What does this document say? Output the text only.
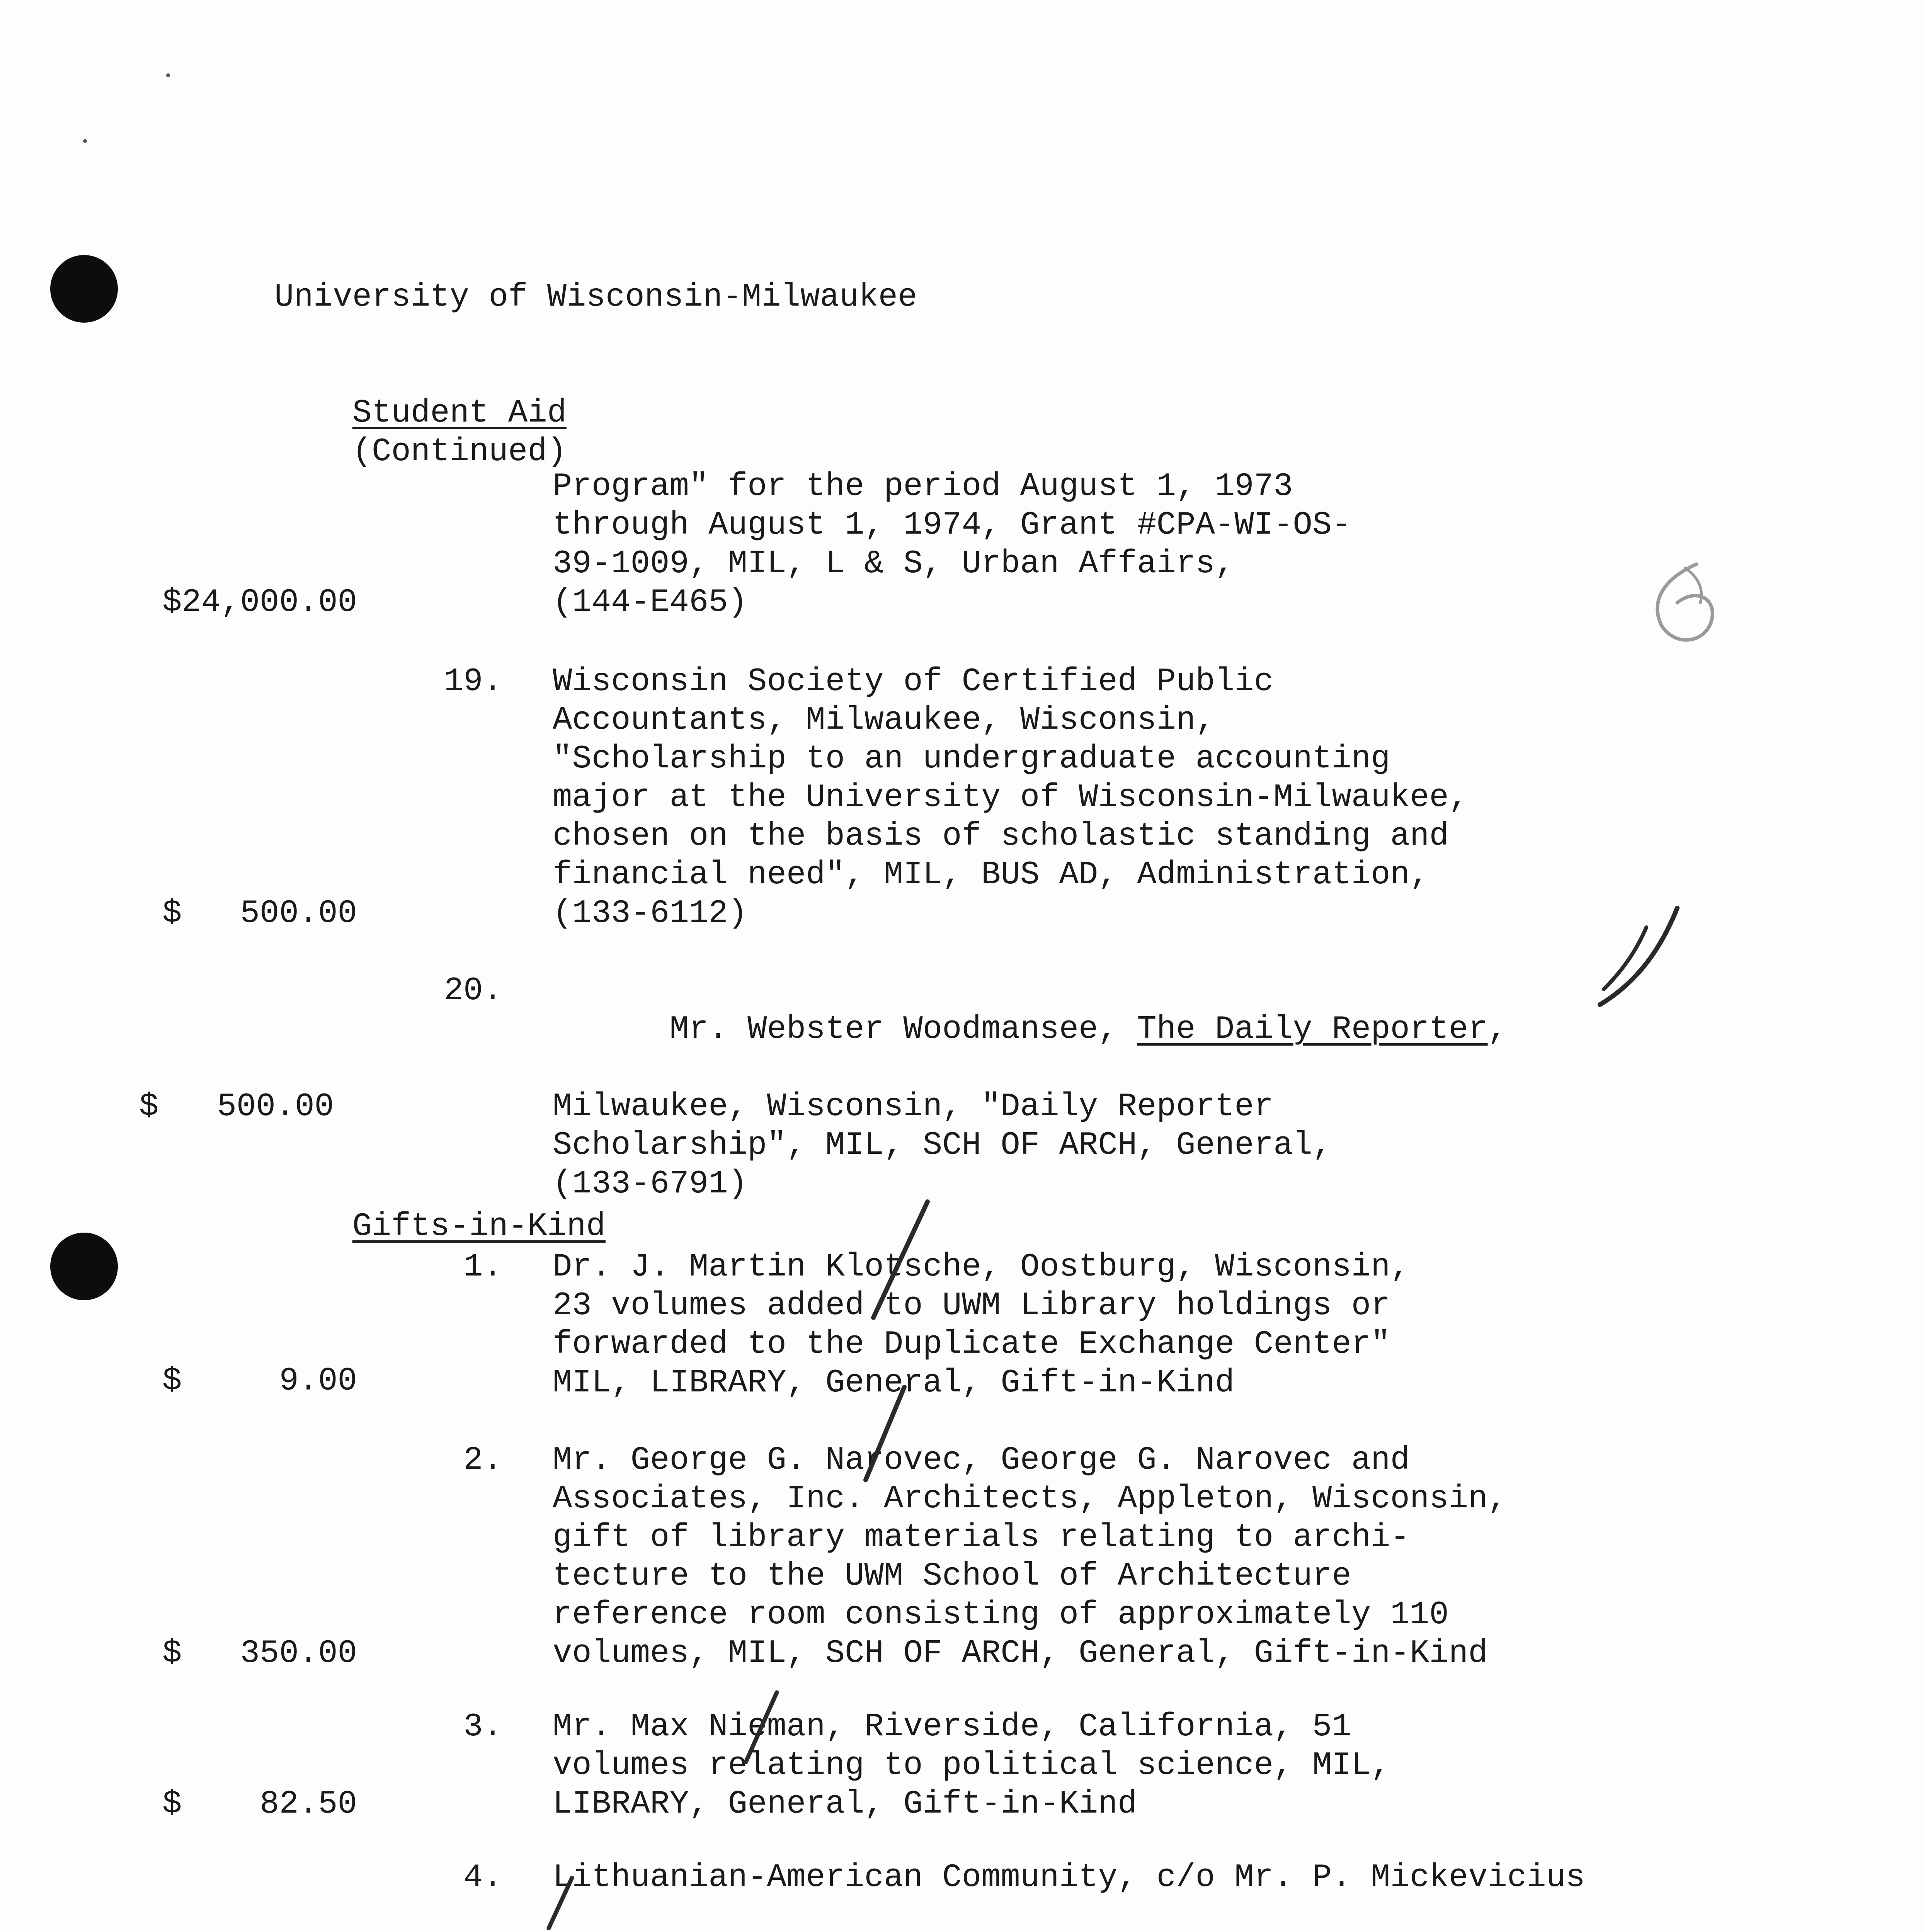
University of Wisconsin-Milwaukee

Student Aid
(Continued)

Program" for the period August 1, 1973
through August 1, 1974, Grant #CPA-WI-OS-
39-1009, MIL, L & S, Urban Affairs,
(144-E465)
$24,000.00
19. Wisconsin Society of Certified Public
Accountants, Milwaukee, Wisconsin,
"Scholarship to an undergraduate accounting
major at the University of Wisconsin-Milwaukee,
chosen on the basis of scholastic standing and
financial need", MIL, BUS AD, Administration,
(133-6112)
$   500.00
20.

Mr. Webster Woodmansee, The Daily Reporter,

Milwaukee, Wisconsin, "Daily Reporter
Scholarship", MIL, SCH OF ARCH, General,
(133-6791)
$   500.00

Gifts-in-Kind

1. Dr. J. Martin Klotsche, Oostburg, Wisconsin,
23 volumes added to UWM Library holdings or
forwarded to the Duplicate Exchange Center"
MIL, LIBRARY, General, Gift-in-Kind
$     9.00
2. Mr. George G. Narovec, George G. Narovec and
Associates, Inc. Architects, Appleton, Wisconsin,
gift of library materials relating to archi-
tecture to the UWM School of Architecture
reference room consisting of approximately 110
volumes, MIL, SCH OF ARCH, General, Gift-in-Kind
$   350.00
3. Mr. Max Nieman, Riverside, California, 51
volumes relating to political science, MIL,
LIBRARY, General, Gift-in-Kind
$    82.50
4. Lithuanian-American Community, c/o Mr. P. Mickevicius
